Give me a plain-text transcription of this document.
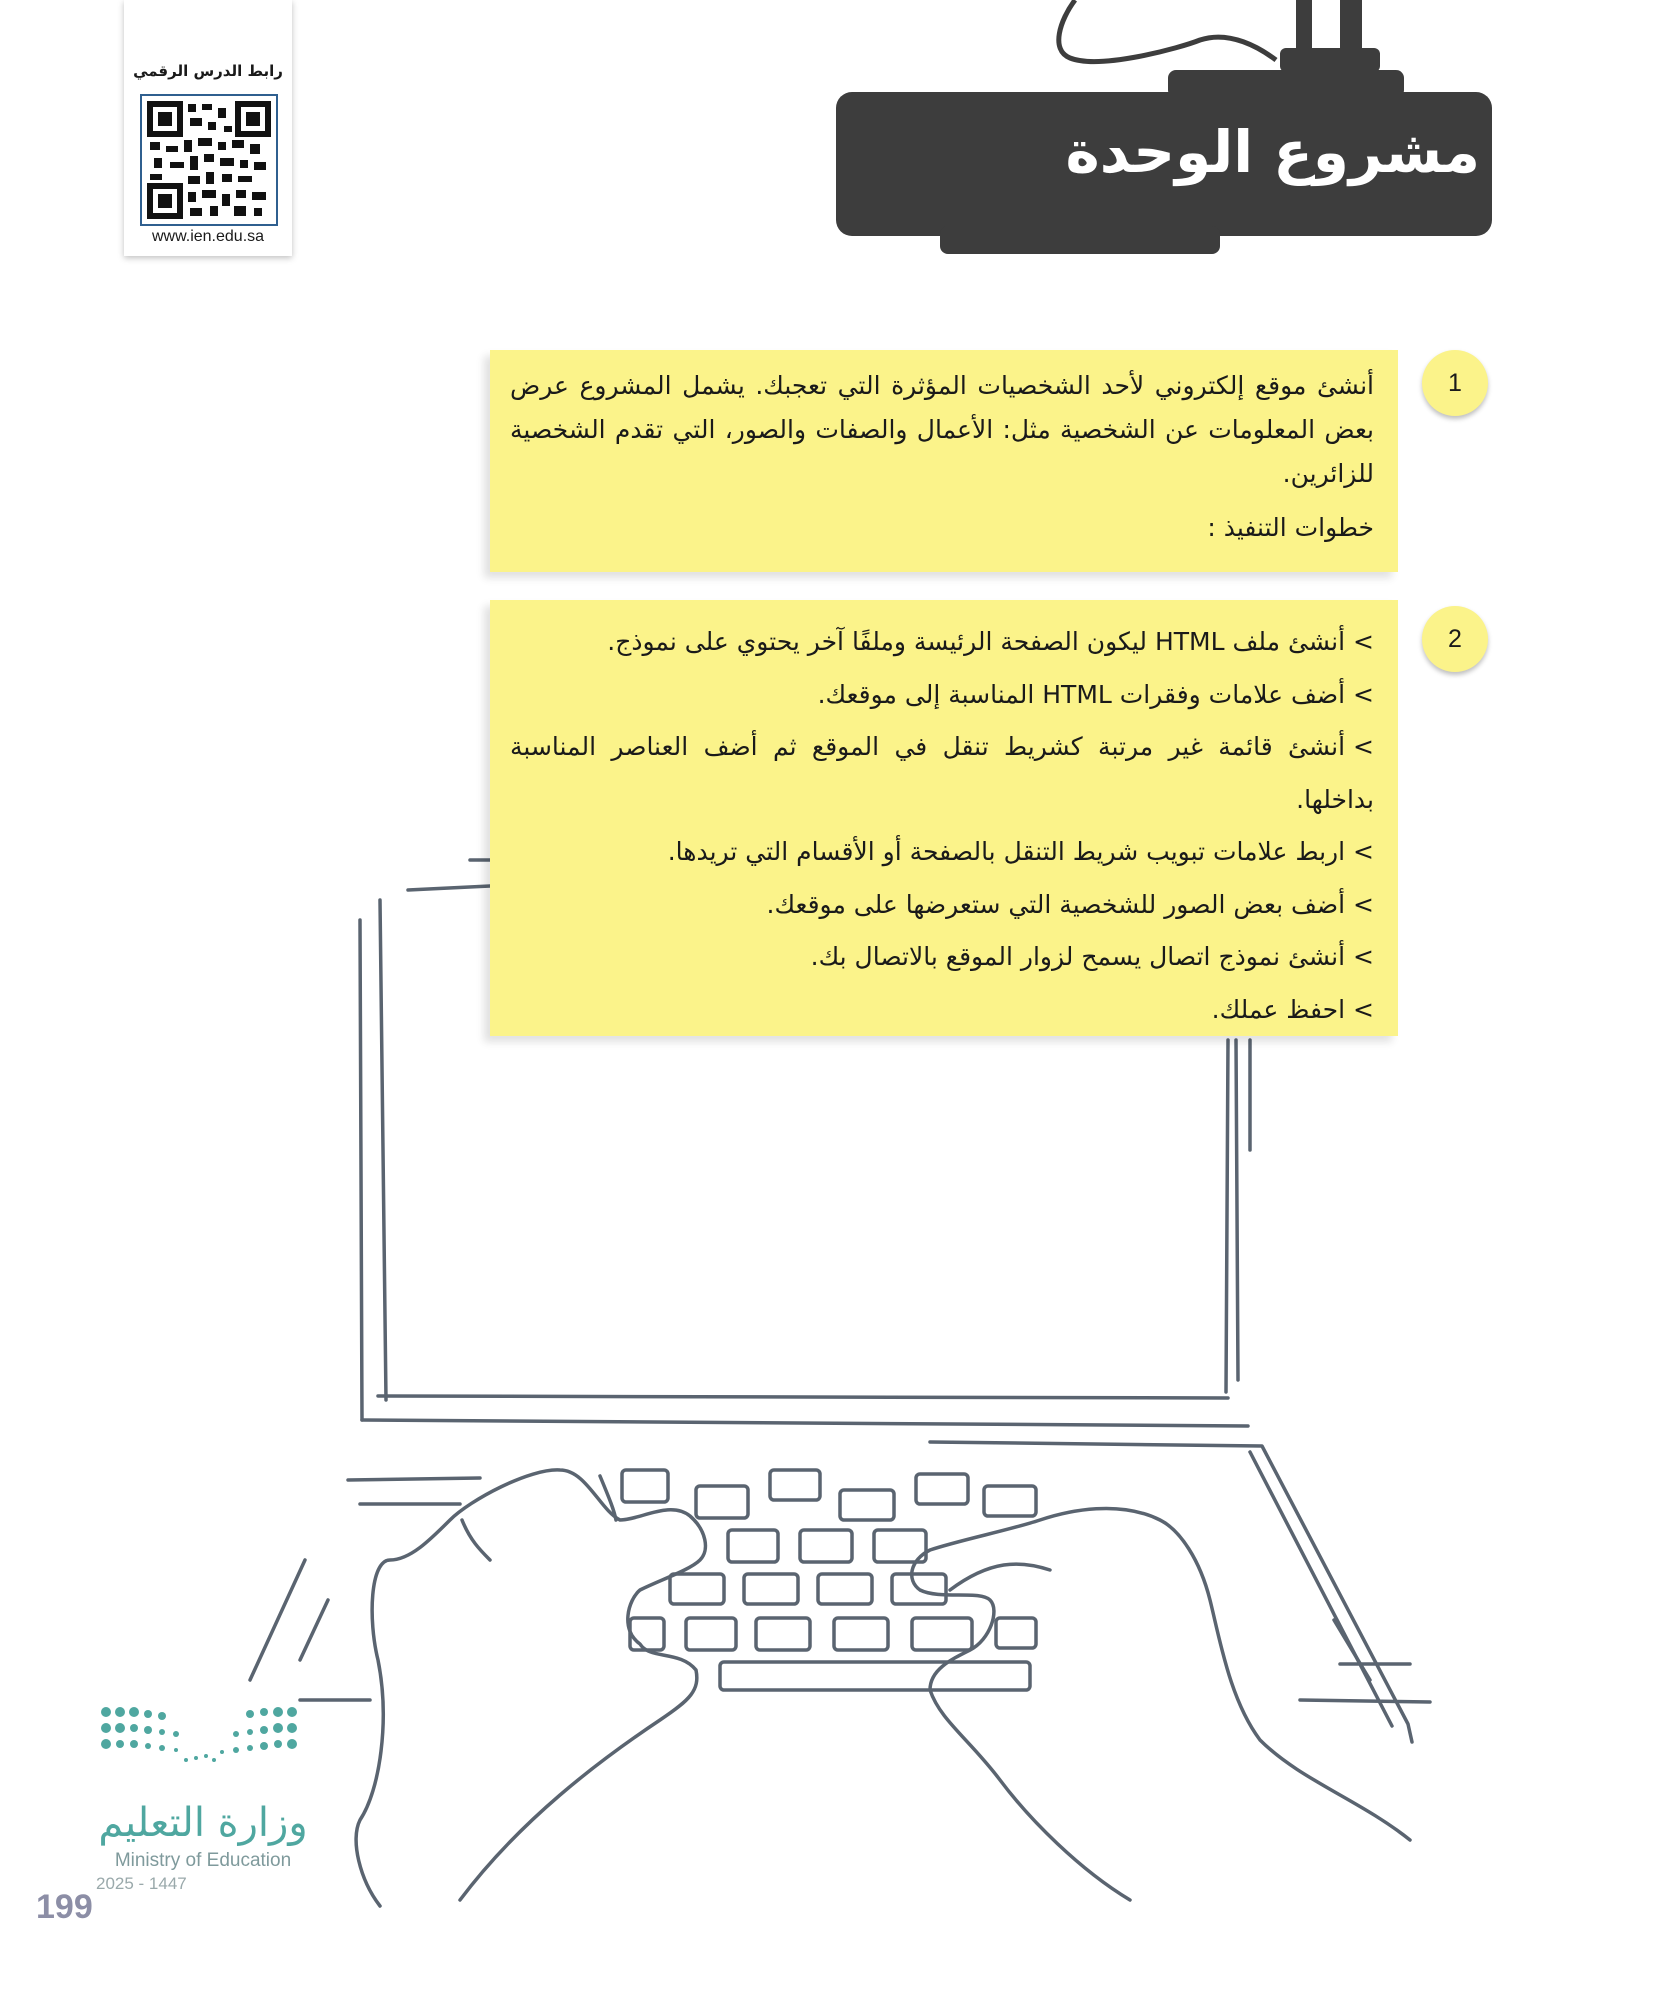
رابط الدرس الرقمي
www.ien.edu.sa
مشروع الوحدة
1

أنشئ موقع إلكتروني لأحد الشخصيات المؤثرة التي تعجبك. يشمل المشروع عرض بعض المعلومات عن الشخصية مثل: الأعمال والصفات والصور، التي تقدم الشخصية للزائرين.

خطوات التنفيذ :

2
>أنشئ ملف HTML ليكون الصفحة الرئيسة وملفًا آخر يحتوي على نموذج.
>أضف علامات وفقرات HTML المناسبة إلى موقعك.
>أنشئ قائمة غير مرتبة كشريط تنقل في الموقع ثم أضف العناصر المناسبة بداخلها.
>اربط علامات تبويب شريط التنقل بالصفحة أو الأقسام التي تريدها.
>أضف بعض الصور للشخصية التي ستعرضها على موقعك.
>أنشئ نموذج اتصال يسمح لزوار الموقع بالاتصال بك.
>احفظ عملك.
وزارة التعليم
Ministry of Education
2025 - 1447
199
